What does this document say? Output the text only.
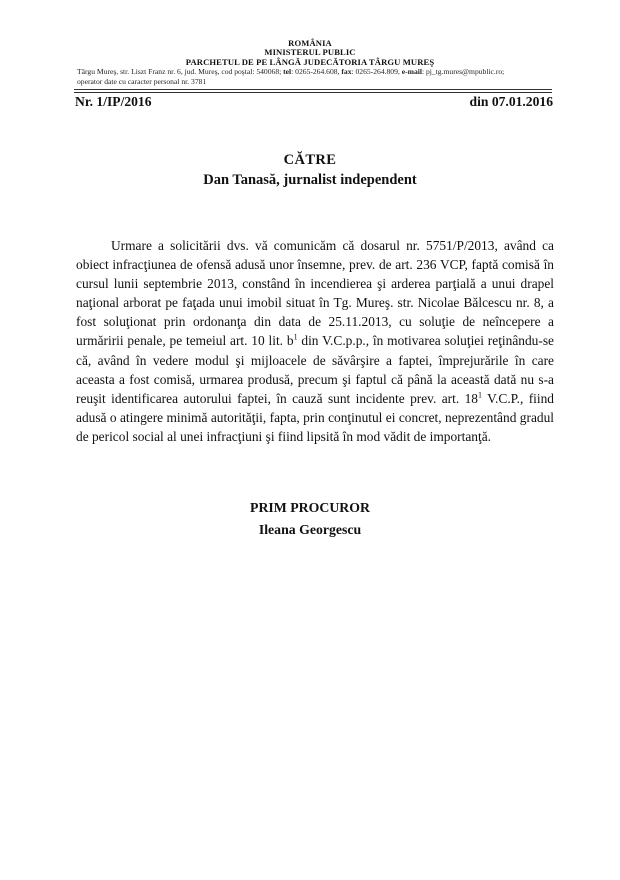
ROMÂNIA
MINISTERUL PUBLIC
PARCHETUL DE PE LÂNGĂ JUDECĂTORIA TÂRGU MUREŞ
Târgu Mureş, str. Liszt Franz nr. 6, jud. Mureş, cod poştal: 540068; tel: 0265-264.608, fax: 0265-264.809, e-mail: pj_tg.mures@mpublic.ro;
operator date cu caracter personal nr. 3781
Nr. 1/IP/2016	din 07.01.2016
CĂTRE
Dan Tanasă, jurnalist independent

Urmare a solicitării dvs. vă comunicăm că dosarul nr. 5751/P/2013, având ca obiect infracţiunea de ofensă adusă unor însemne, prev. de art. 236 VCP, faptă comisă în cursul lunii septembrie 2013, constând în incendierea şi arderea parţială a unui drapel naţional arborat pe faţada unui imobil situat în Tg. Mureş. str. Nicolae Bălcescu nr. 8, a fost soluţionat prin ordonanţa din data de 25.11.2013, cu soluţie de neîncepere a urmăririi penale, pe temeiul art. 10 lit. $b^1$ din V.C.p.p., în motivarea soluţiei reţinându-se că, având în vedere modul şi mijloacele de săvârşire a faptei, împrejurările în care aceasta a fost comisă, urmarea produsă, precum şi faptul că până la această dată nu s-a reuşit identificarea autorului faptei, în cauză sunt incidente prev. art. $18^1$ V.C.P., fiind adusă o atingere minimă autorităţii, fapta, prin conţinutul ei concret, neprezentând gradul de pericol social al unei infracţiuni şi fiind lipsită în mod vădit de importanţă.

PRIM PROCUROR
Ileana Georgescu
